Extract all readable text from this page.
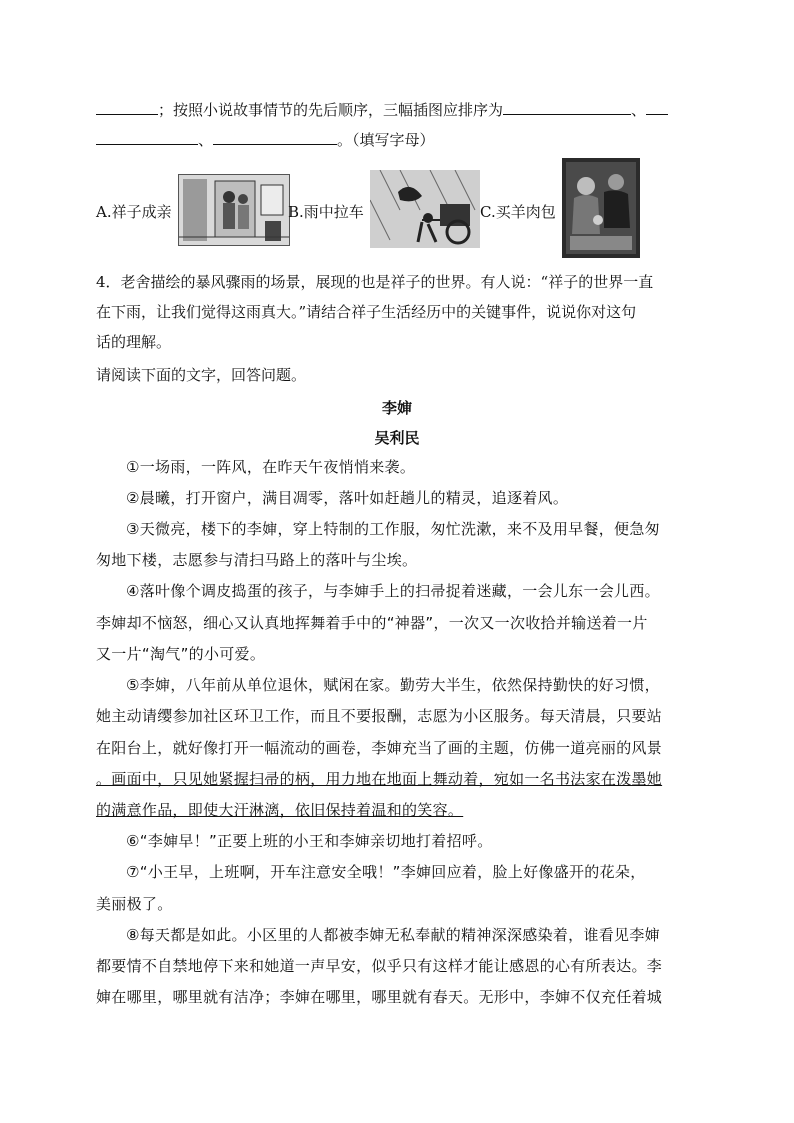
；按照小说故事情节的先后顺序，三幅插图应排序为	、
、	。（填写字母）
A.祥子成亲	B.雨中拉车	C.买羊肉包
4．老舍描绘的暴风骤雨的场景，展现的也是祥子的世界。有人说：“祥子的世界一直
在下雨，让我们觉得这雨真大。”请结合祥子生活经历中的关键事件，说说你对这句
话的理解。
请阅读下面的文字，回答问题。
李婶
吴利民
①一场雨，一阵风，在昨天午夜悄悄来袭。
②晨曦，打开窗户，满目凋零，落叶如赶趟儿的精灵，追逐着风。
③天微亮，楼下的李婶，穿上特制的工作服，匆忙洗漱，来不及用早餐，便急匆
匆地下楼，志愿参与清扫马路上的落叶与尘埃。
④落叶像个调皮捣蛋的孩子，与李婶手上的扫帚捉着迷藏，一会儿东一会儿西。
李婶却不恼怒，细心又认真地挥舞着手中的“神器”，一次又一次收拾并输送着一片
又一片“淘气”的小可爱。
⑤李婶，八年前从单位退休，赋闲在家。勤劳大半生，依然保持勤快的好习惯，
她主动请缨参加社区环卫工作，而且不要报酬，志愿为小区服务。每天清晨，只要站
在阳台上，就好像打开一幅流动的画卷，李婶充当了画的主题，仿佛一道亮丽的风景
。画面中，只见她紧握扫帚的柄，用力地在地面上舞动着，宛如一名书法家在泼墨她
的满意作品，即使大汗淋漓，依旧保持着温和的笑容。
⑥“李婶早！”正要上班的小王和李婶亲切地打着招呼。
⑦“小王早，上班啊，开车注意安全哦！”李婶回应着，脸上好像盛开的花朵，
美丽极了。
⑧每天都是如此。小区里的人都被李婶无私奉献的精神深深感染着，谁看见李婶
都要情不自禁地停下来和她道一声早安，似乎只有这样才能让感恩的心有所表达。李
婶在哪里，哪里就有洁净；李婶在哪里，哪里就有春天。无形中，李婶不仅充任着城
